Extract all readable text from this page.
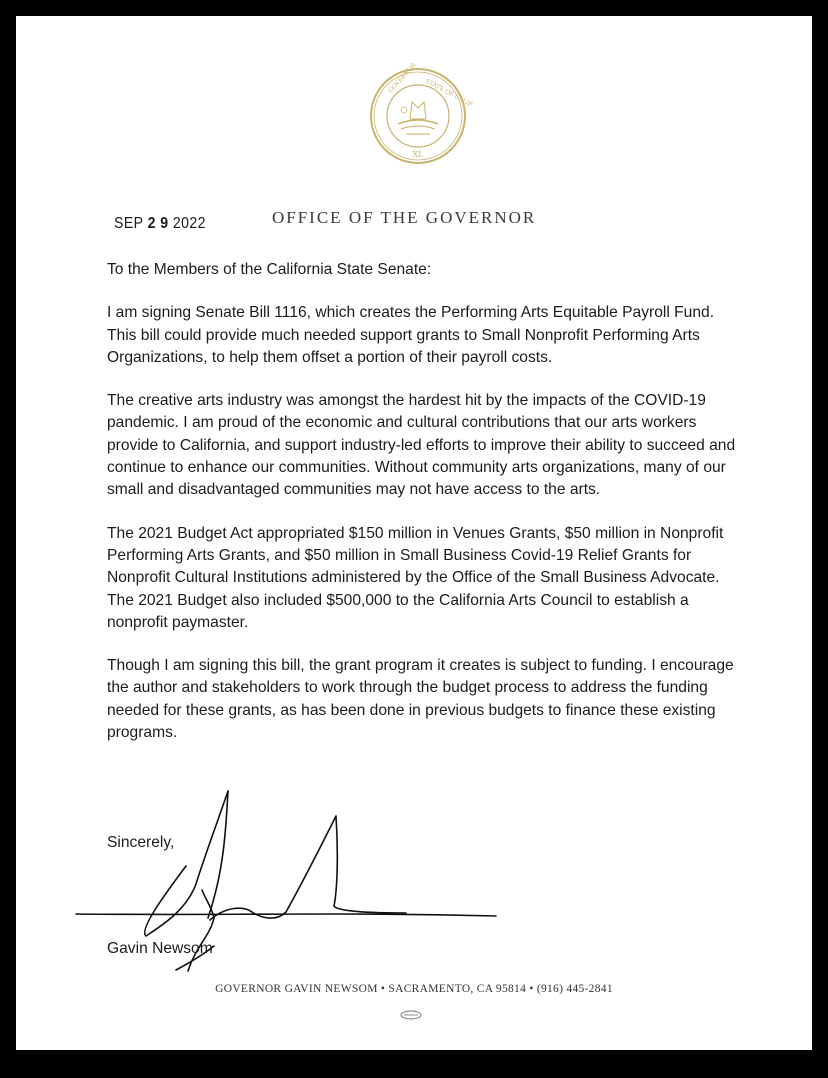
GOVERNOR STATE OF CALIF
XL
SEP 2 9 2022	OFFICE OF THE GOVERNOR

To the Members of the California State Senate:

I am signing Senate Bill 1116, which creates the Performing Arts Equitable Payroll Fund. This bill could provide much needed support grants to Small Nonprofit Performing Arts Organizations, to help them offset a portion of their payroll costs.

The creative arts industry was amongst the hardest hit by the impacts of the COVID-19 pandemic. I am proud of the economic and cultural contributions that our arts workers provide to California, and support industry-led efforts to improve their ability to succeed and continue to enhance our communities. Without community arts organizations, many of our small and disadvantaged communities may not have access to the arts.

The 2021 Budget Act appropriated $150 million in Venues Grants, $50 million in Nonprofit Performing Arts Grants, and $50 million in Small Business Covid-19 Relief Grants for Nonprofit Cultural Institutions administered by the Office of the Small Business Advocate. The 2021 Budget also included $500,000 to the California Arts Council to establish a nonprofit paymaster.

Though I am signing this bill, the grant program it creates is subject to funding. I encourage the author and stakeholders to work through the budget process to address the funding needed for these grants, as has been done in previous budgets to finance these existing programs.

Sincerely,
Gavin Newsom
GOVERNOR GAVIN NEWSOM • SACRAMENTO, CA 95814 • (916) 445-2841
